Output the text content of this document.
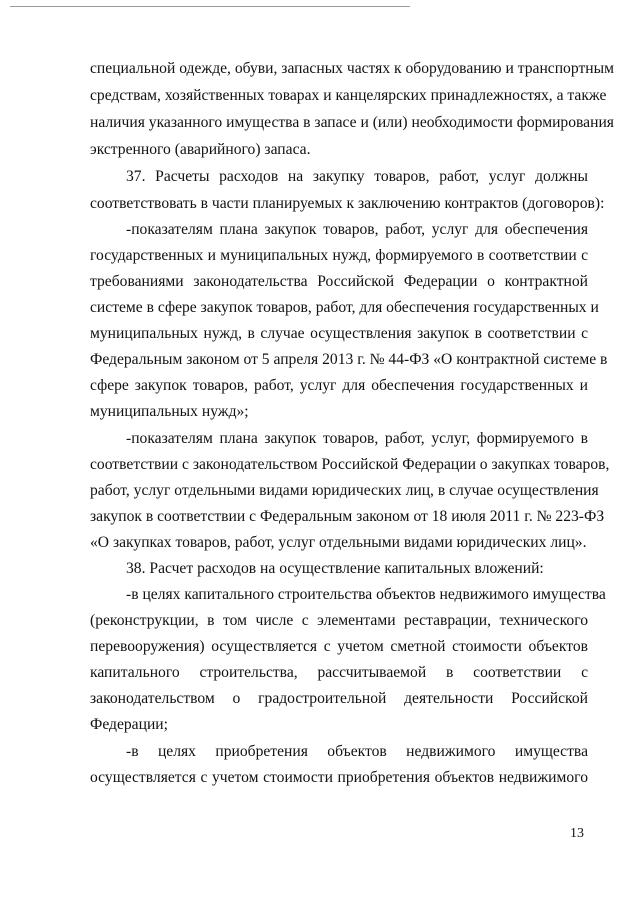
специальной одежде, обуви, запасных частях к оборудованию и транспортным
средствам, хозяйственных товарах и канцелярских принадлежностях, а также
наличия указанного имущества в запасе и (или) необходимости формирования
экстренного (аварийного) запаса.
37. Расчеты расходов на закупку товаров, работ, услуг должны
соответствовать в части планируемых к заключению контрактов (договоров):
-показателям плана закупок товаров, работ, услуг для обеспечения
государственных и муниципальных нужд, формируемого в соответствии с
требованиями законодательства Российской Федерации о контрактной
системе в сфере закупок товаров, работ, для обеспечения государственных и
муниципальных нужд, в случае осуществления закупок в соответствии с
Федеральным законом от 5 апреля 2013 г. № 44-ФЗ «О контрактной системе в
сфере закупок товаров, работ, услуг для обеспечения государственных и
муниципальных нужд»;
-показателям плана закупок товаров, работ, услуг, формируемого в
соответствии с законодательством Российской Федерации о закупках товаров,
работ, услуг отдельными видами юридических лиц, в случае осуществления
закупок в соответствии с Федеральным законом от 18 июля 2011 г. № 223-ФЗ
«О закупках товаров, работ, услуг отдельными видами юридических лиц».
38. Расчет расходов на осуществление капитальных вложений:
-в целях капитального строительства объектов недвижимого имущества
(реконструкции, в том числе с элементами реставрации, технического
перевооружения) осуществляется с учетом сметной стоимости объектов
капитального строительства, рассчитываемой в соответствии с
законодательством о градостроительной деятельности Российской
Федерации;
-в целях приобретения объектов недвижимого имущества
осуществляется с учетом стоимости приобретения объектов недвижимого
13
